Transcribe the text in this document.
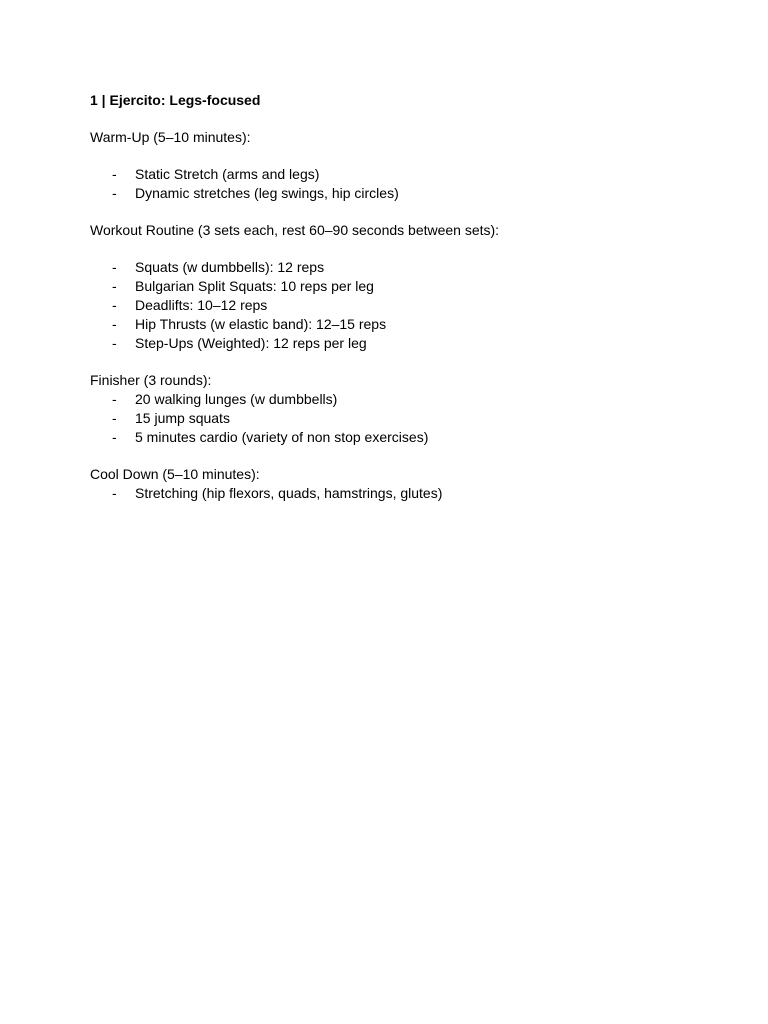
1 | Ejercito: Legs-focused

Warm-Up (5–10 minutes):

- Static Stretch (arms and legs)
- Dynamic stretches (leg swings, hip circles)

Workout Routine (3 sets each, rest 60–90 seconds between sets):

- Squats (w dumbbells): 12 reps
- Bulgarian Split Squats: 10 reps per leg
- Deadlifts: 10–12 reps
- Hip Thrusts (w elastic band): 12–15 reps
- Step-Ups (Weighted): 12 reps per leg

Finisher (3 rounds):

- 20 walking lunges (w dumbbells)
- 15 jump squats
- 5 minutes cardio (variety of non stop exercises)

Cool Down (5–10 minutes):

- Stretching (hip flexors, quads, hamstrings, glutes)
